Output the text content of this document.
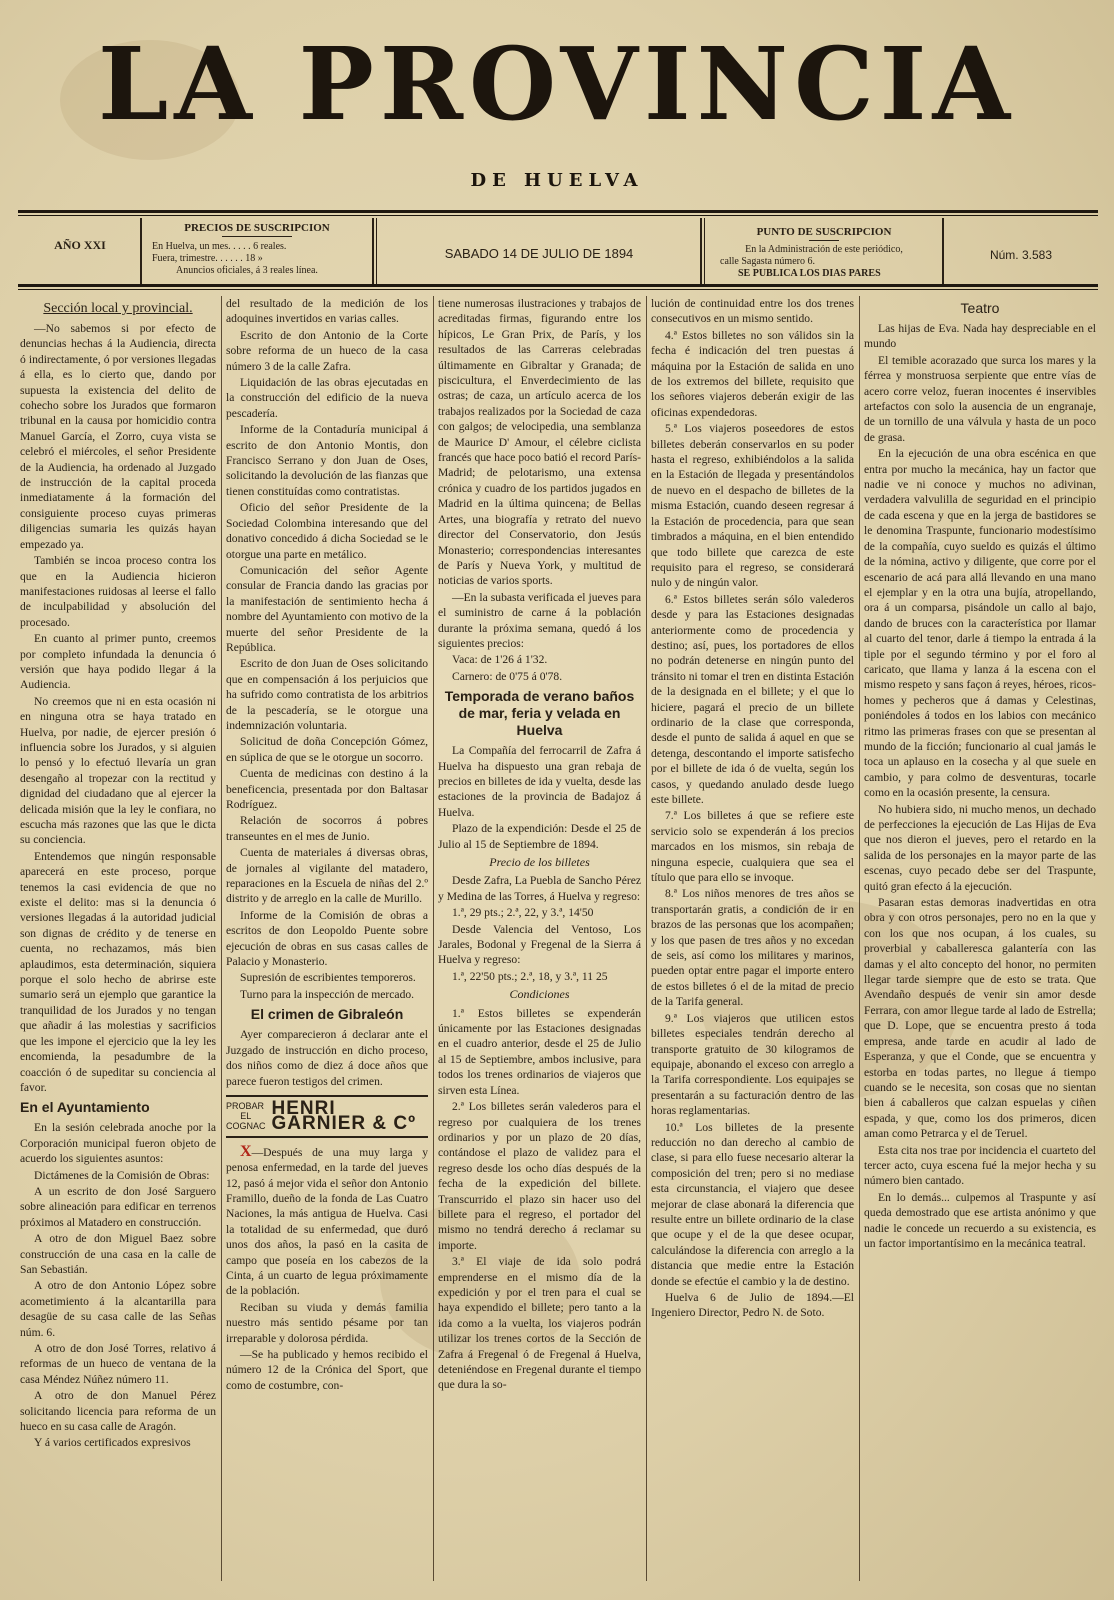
LA PROVINCIA
DE HUELVA
AÑO XXI
PRECIOS DE SUSCRIPCION
En Huelva, un mes. . . . . 6 reales.
Fuera, trimestre. . . . . . 18 »
Anuncios oficiales, á 3 reales línea.
SABADO 14 DE JULIO DE 1894
PUNTO DE SUSCRIPCION
En la Administración de este periódico,
calle Sagasta número 6.
SE PUBLICA LOS DIAS PARES
Núm. 3.583
Sección local y provincial.

—No sabemos si por efecto de denuncias hechas á la Audiencia, directa ó indirectamente, ó por versiones llegadas á ella, es lo cierto que, dando por supuesta la existencia del delito de cohecho sobre los Jurados que formaron tribunal en la causa por homicidio contra Manuel García, el Zorro, cuya vista se celebró el miércoles, el señor Presidente de la Audiencia, ha ordenado al Juzgado de instrucción de la capital proceda inmediatamente á la formación del consiguiente proceso cuyas primeras diligencias sumaria les quizás hayan empezado ya.

También se incoa proceso contra los que en la Audiencia hicieron manifestaciones ruidosas al leerse el fallo de inculpabilidad y absolución del procesado.

En cuanto al primer punto, creemos por completo infundada la denuncia ó versión que haya podido llegar á la Audiencia.

No creemos que ni en esta ocasión ni en ninguna otra se haya tratado en Huelva, por nadie, de ejercer presión ó influencia sobre los Jurados, y si alguien lo pensó y lo efectuó llevaría un gran desengaño al tropezar con la rectitud y dignidad del ciudadano que al ejercer la delicada misión que la ley le confiara, no escucha más razones que las que le dicta su conciencia.

Entendemos que ningún responsable aparecerá en este proceso, porque tenemos la casi evidencia de que no existe el delito: mas si la denuncia ó versiones llegadas á la autoridad judicial son dignas de crédito y de tenerse en cuenta, no rechazamos, más bien aplaudimos, esta determinación, siquiera porque el solo hecho de abrirse este sumario será un ejemplo que garantice la tranquilidad de los Jurados y no tengan que añadir á las molestias y sacrificios que les impone el ejercicio que la ley les encomienda, la pesadumbre de la coacción ó de supeditar su conciencia al favor.

En el Ayuntamiento

En la sesión celebrada anoche por la Corporación municipal fueron objeto de acuerdo los siguientes asuntos:

Dictámenes de la Comisión de Obras:

A un escrito de don José Sarguero sobre alineación para edificar en terrenos próximos al Matadero en construcción.

A otro de don Miguel Baez sobre construcción de una casa en la calle de San Sebastián.

A otro de don Antonio López sobre acometimiento á la alcantarilla para desagüe de su casa calle de las Señas núm. 6.

A otro de don José Torres, relativo á reformas de un hueco de ventana de la casa Méndez Núñez número 11.

A otro de don Manuel Pérez solicitando licencia para reforma de un hueco en su casa calle de Aragón.

Y á varios certificados expresivos

del resultado de la medición de los adoquines invertidos en varias calles.

Escrito de don Antonio de la Corte sobre reforma de un hueco de la casa número 3 de la calle Zafra.

Liquidación de las obras ejecutadas en la construcción del edificio de la nueva pescadería.

Informe de la Contaduría municipal á escrito de don Antonio Montis, don Francisco Serrano y don Juan de Oses, solicitando la devolución de las fianzas que tienen constituídas como contratistas.

Oficio del señor Presidente de la Sociedad Colombina interesando que del donativo concedido á dicha Sociedad se le otorgue una parte en metálico.

Comunicación del señor Agente consular de Francia dando las gracias por la manifestación de sentimiento hecha á nombre del Ayuntamiento con motivo de la muerte del señor Presidente de la República.

Escrito de don Juan de Oses solicitando que en compensación á los perjuicios que ha sufrido como contratista de los arbitrios de la pescadería, se le otorgue una indemnización voluntaria.

Solicitud de doña Concepción Gómez, en súplica de que se le otorgue un socorro.

Cuenta de medicinas con destino á la beneficencia, presentada por don Baltasar Rodríguez.

Relación de socorros á pobres transeuntes en el mes de Junio.

Cuenta de materiales á diversas obras, de jornales al vigilante del matadero, reparaciones en la Escuela de niñas del 2.º distrito y de arreglo en la calle de Murillo.

Informe de la Comisión de obras a escritos de don Leopoldo Puente sobre ejecución de obras en sus casas calles de Palacio y Monasterio.

Supresión de escribientes temporeros.

Turno para la inspección de mercado.

El crimen de Gibraleón

Ayer comparecieron á declarar ante el Juzgado de instrucción en dicho proceso, dos niños como de diez á doce años que parece fueron testigos del crimen.

PROBAR
EL
COGNAC
HENRI GARNIER & Cº

X—Después de una muy larga y penosa enfermedad, en la tarde del jueves 12, pasó á mejor vida el señor don Antonio Framillo, dueño de la fonda de Las Cuatro Naciones, la más antigua de Huelva. Casi la totalidad de su enfermedad, que duró unos dos años, la pasó en la casita de campo que poseía en los cabezos de la Cinta, á un cuarto de legua próximamente de la población.

Reciban su viuda y demás familia nuestro más sentido pésame por tan irreparable y dolorosa pérdida.

—Se ha publicado y hemos recibido el número 12 de la Crónica del Sport, que como de costumbre, con-

tiene numerosas ilustraciones y trabajos de acreditadas firmas, figurando entre los hípicos, Le Gran Prix, de París, y los resultados de las Carreras celebradas últimamente en Gibraltar y Granada; de piscicultura, el Enverdecimiento de las ostras; de caza, un artículo acerca de los trabajos realizados por la Sociedad de caza con galgos; de velocipedia, una semblanza de Maurice D' Amour, el célebre ciclista francés que hace poco batió el record París-Madrid; de pelotarismo, una extensa crónica y cuadro de los partidos jugados en Madrid en la última quincena; de Bellas Artes, una biografía y retrato del nuevo director del Conservatorio, don Jesús Monasterio; correspondencias interesantes de París y Nueva York, y multitud de noticias de varios sports.

—En la subasta verificada el jueves para el suministro de carne á la población durante la próxima semana, quedó á los siguientes precios:

Vaca: de 1'26 á 1'32.

Carnero: de 0'75 á 0'78.

Temporada de verano baños de mar, feria y velada en Huelva

La Compañía del ferrocarril de Zafra á Huelva ha dispuesto una gran rebaja de precios en billetes de ida y vuelta, desde las estaciones de la provincia de Badajoz á Huelva.

Plazo de la expendición: Desde el 25 de Julio al 15 de Septiembre de 1894.

Precio de los billetes

Desde Zafra, La Puebla de Sancho Pérez y Medina de las Torres, á Huelva y regreso:

1.ª, 29 pts.; 2.ª, 22, y 3.ª, 14'50

Desde Valencia del Ventoso, Los Jarales, Bodonal y Fregenal de la Sierra á Huelva y regreso:

1.ª, 22'50 pts.; 2.ª, 18, y 3.ª, 11 25

Condiciones

1.ª Estos billetes se expenderán únicamente por las Estaciones designadas en el cuadro anterior, desde el 25 de Julio al 15 de Septiembre, ambos inclusive, para todos los trenes ordinarios de viajeros que sirven esta Línea.

2.ª Los billetes serán valederos para el regreso por cualquiera de los trenes ordinarios y por un plazo de 20 días, contándose el plazo de validez para el regreso desde los ocho días después de la fecha de la expedición del billete. Transcurrido el plazo sin hacer uso del billete para el regreso, el portador del mismo no tendrá derecho á reclamar su importe.

3.ª El viaje de ida solo podrá emprenderse en el mismo día de la expedición y por el tren para el cual se haya expendido el billete; pero tanto a la ida como a la vuelta, los viajeros podrán utilizar los trenes cortos de la Sección de Zafra á Fregenal ó de Fregenal á Huelva, deteniéndose en Fregenal durante el tiempo que dura la so-

lución de continuidad entre los dos trenes consecutivos en un mismo sentido.

4.ª Estos billetes no son válidos sin la fecha é indicación del tren puestas á máquina por la Estación de salida en uno de los extremos del billete, requisito que los señores viajeros deberán exigir de las oficinas expendedoras.

5.ª Los viajeros poseedores de estos billetes deberán conservarlos en su poder hasta el regreso, exhibiéndolos a la salida en la Estación de llegada y presentándolos de nuevo en el despacho de billetes de la misma Estación, cuando deseen regresar á la Estación de procedencia, para que sean timbrados a máquina, en el bien entendido que todo billete que carezca de este requisito para el regreso, se considerará nulo y de ningún valor.

6.ª Estos billetes serán sólo valederos desde y para las Estaciones designadas anteriormente como de procedencia y destino; así, pues, los portadores de ellos no podrán detenerse en ningún punto del tránsito ni tomar el tren en distinta Estación de la designada en el billete; y el que lo hiciere, pagará el precio de un billete ordinario de la clase que corresponda, desde el punto de salida á aquel en que se detenga, descontando el importe satisfecho por el billete de ida ó de vuelta, según los casos, y quedando anulado desde luego este billete.

7.ª Los billetes á que se refiere este servicio solo se expenderán á los precios marcados en los mismos, sin rebaja de ninguna especie, cualquiera que sea el título que para ello se invoque.

8.ª Los niños menores de tres años se transportarán gratis, a condición de ir en brazos de las personas que los acompañen; y los que pasen de tres años y no excedan de seis, así como los militares y marinos, pueden optar entre pagar el importe entero de estos billetes ó el de la mitad de precio de la Tarifa general.

9.ª Los viajeros que utilicen estos billetes especiales tendrán derecho al transporte gratuito de 30 kilogramos de equipaje, abonando el exceso con arreglo a la Tarifa correspondiente. Los equipajes se presentarán a su facturación dentro de las horas reglamentarias.

10.ª Los billetes de la presente reducción no dan derecho al cambio de clase, si para ello fuese necesario alterar la composición del tren; pero si no mediase esta circunstancia, el viajero que desee mejorar de clase abonará la diferencia que resulte entre un billete ordinario de la clase que ocupe y el de la que desee ocupar, calculándose la diferencia con arreglo a la distancia que medie entre la Estación donde se efectúe el cambio y la de destino.

Huelva 6 de Julio de 1894.—El Ingeniero Director, Pedro N. de Soto.

Teatro

Las hijas de Eva. Nada hay despreciable en el mundo

El temible acorazado que surca los mares y la férrea y monstruosa serpiente que entre vías de acero corre veloz, fueran inocentes é inservibles artefactos con solo la ausencia de un engranaje, de un tornillo de una válvula y hasta de un poco de grasa.

En la ejecución de una obra escénica en que entra por mucho la mecánica, hay un factor que nadie ve ni conoce y muchos no adivinan, verdadera valvulilla de seguridad en el principio de cada escena y que en la jerga de bastidores se le denomina Traspunte, funcionario modestísimo de la compañía, cuyo sueldo es quizás el último de la nómina, activo y diligente, que corre por el escenario de acá para allá llevando en una mano el ejemplar y en la otra una bujía, atropellando, ora á un comparsa, pisándole un callo al bajo, dando de bruces con la característica por llamar al cuarto del tenor, darle á tiempo la entrada á la tiple por el segundo término y por el foro al caricato, que llama y lanza á la escena con el mismo respeto y sans façon á reyes, héroes, ricos-homes y pecheros que á damas y Celestinas, poniéndoles á todos en los labios con mecánico ritmo las primeras frases con que se presentan al mundo de la ficción; funcionario al cual jamás le toca un aplauso en la cosecha y al que suele en cambio, y para colmo de desventuras, tocarle como en la ocasión presente, la censura.

No hubiera sido, ni mucho menos, un dechado de perfecciones la ejecución de Las Hijas de Eva que nos dieron el jueves, pero el retardo en la salida de los personajes en la mayor parte de las escenas, cuyo pecado debe ser del Traspunte, quitó gran efecto á la ejecución.

Pasaran estas demoras inadvertidas en otra obra y con otros personajes, pero no en la que y con los que nos ocupan, á los cuales, su proverbial y caballeresca galantería con las damas y el alto concepto del honor, no permiten llegar tarde siempre que de esto se trata. Que Avendaño después de venir sin amor desde Ferrara, con amor llegue tarde al lado de Estrella; que D. Lope, que se encuentra presto á toda empresa, ande tarde en acudir al lado de Esperanza, y que el Conde, que se encuentra y estorba en todas partes, no llegue á tiempo cuando se le necesita, son cosas que no sientan bien á caballeros que calzan espuelas y ciñen espada, y que, como los dos primeros, dicen aman como Petrarca y el de Teruel.

Esta cita nos trae por incidencia el cuarteto del tercer acto, cuya escena fué la mejor hecha y su número bien cantado.

En lo demás... culpemos al Traspunte y así queda demostrado que ese artista anónimo y que nadie le concede un recuerdo a su existencia, es un factor importantísimo en la mecánica teatral.
